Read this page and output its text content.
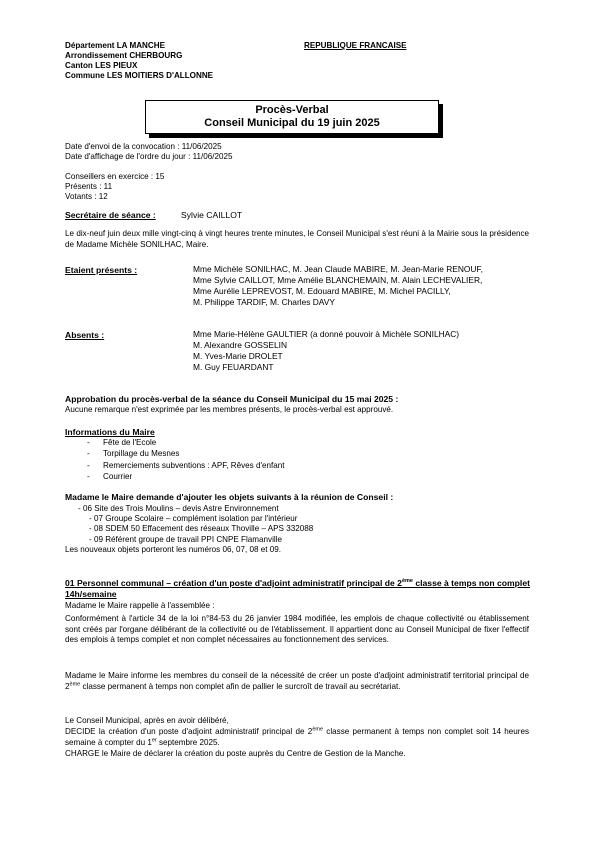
Département LA MANCHE
Arrondissement CHERBOURG
Canton LES PIEUX
Commune LES MOITIERS D'ALLONNE
REPUBLIQUE FRANCAISE
Procès-Verbal
Conseil Municipal du 19 juin 2025
Date d'envoi de la convocation : 11/06/2025
Date d'affichage de l'ordre du jour : 11/06/2025
Conseillers en exercice : 15
Présents : 11
Votants : 12
Secrétaire de séance :	Sylvie CAILLOT
Le dix-neuf juin deux mille vingt-cinq à vingt heures trente minutes, le Conseil Municipal s'est réuni à la Mairie sous la présidence de Madame Michèle SONILHAC, Maire.
Etaient présents :	Mme Michèle SONILHAC, M. Jean Claude MABIRE, M. Jean-Marie RENOUF,
Mme Sylvie CAILLOT, Mme Amélie BLANCHEMAIN, M. Alain LECHEVALIER,
Mme Aurélie LEPREVOST, M. Edouard MABIRE, M. Michel PACILLY,
M. Philippe TARDIF, M. Charles DAVY
Absents :	Mme Marie-Hélène GAULTIER (a donné pouvoir à Michèle SONILHAC)
M. Alexandre GOSSELIN
M. Yves-Marie DROLET
M. Guy FEUARDANT
Approbation du procès-verbal de la séance du Conseil Municipal du 15 mai 2025 :
Aucune remarque n'est exprimée par les membres présents, le procès-verbal est approuvé.
Informations du Maire
- Fête de l'Ecole
- Torpillage du Mesnes
- Remerciements subventions : APF, Rêves d'enfant
- Courrier
Madame le Maire demande d'ajouter les objets suivants à la réunion de Conseil :
- 06 Site des Trois Moulins – devis Astre Environnement
- 07 Groupe Scolaire – complément isolation par l'intérieur
- 08 SDEM 50 Effacement des réseaux Thoville – APS 332088
- 09 Référent groupe de travail PPI CNPE Flamanville
Les nouveaux objets porteront les numéros 06, 07, 08 et 09.
01 Personnel communal – création d'un poste d'adjoint administratif principal de 2ème classe à temps non complet 14h/semaine
Madame le Maire rappelle à l'assemblée :
Conformément à l'article 34 de la loi n°84-53 du 26 janvier 1984 modifiée, les emplois de chaque collectivité ou établissement sont créés par l'organe délibérant de la collectivité ou de l'établissement. Il appartient donc au Conseil Municipal de fixer l'effectif des emplois à temps complet et non complet nécessaires au fonctionnement des services.
Madame le Maire informe les membres du conseil de la nécessité de créer un poste d'adjoint administratif territorial principal de 2ème classe permanent à temps non complet afin de pallier le surcroît de travail au secrétariat.
Le Conseil Municipal, après en avoir délibéré,
DECIDE la création d'un poste d'adjoint administratif principal de 2ème classe permanent à temps non complet soit 14 heures semaine à compter du 1er septembre 2025.
CHARGE le Maire de déclarer la création du poste auprès du Centre de Gestion de la Manche.
